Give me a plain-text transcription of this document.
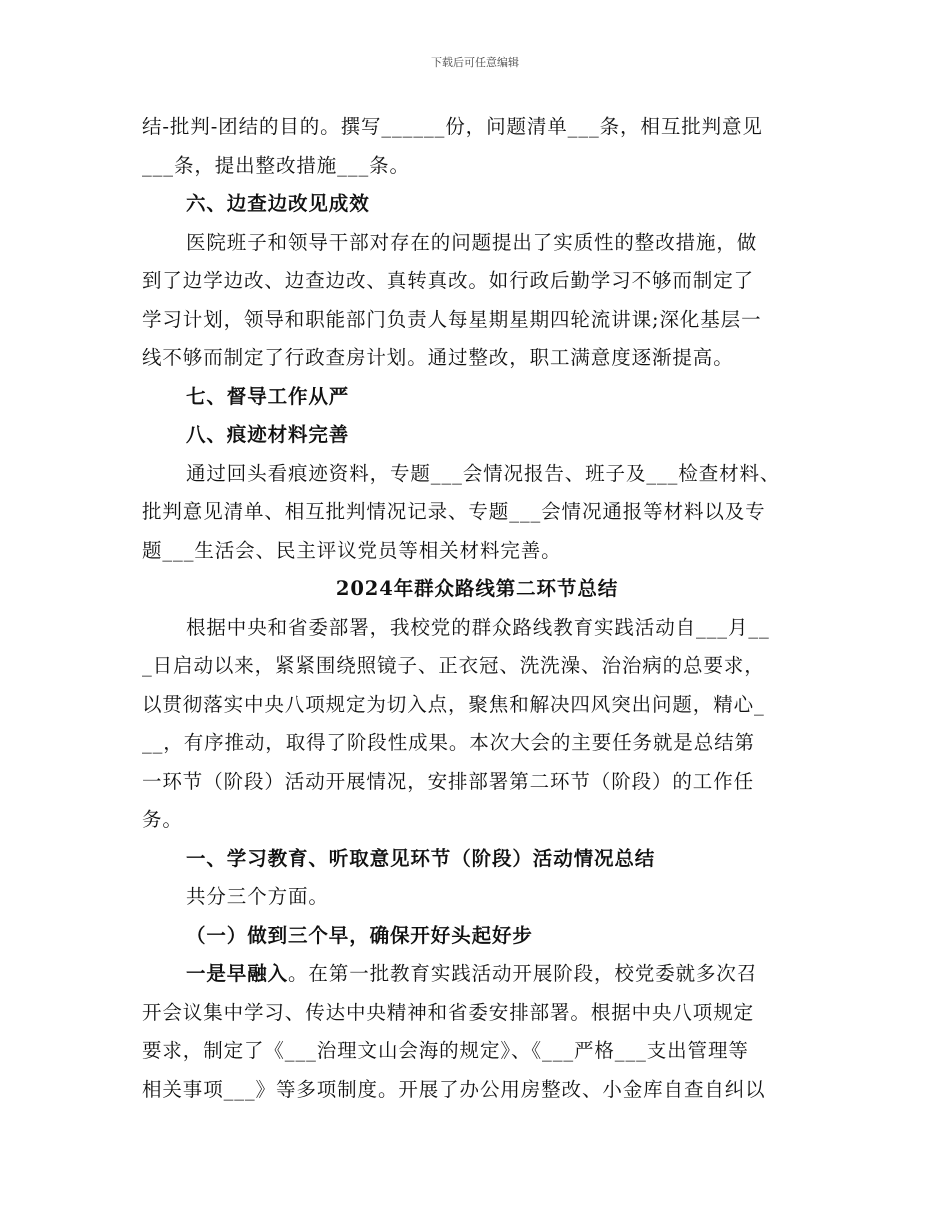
下载后可任意编辑
结-批判-团结的目的。撰写______份，问题清单___条，相互批判意见
___条，提出整改措施___条。
六、边查边改见成效
医院班子和领导干部对存在的问题提出了实质性的整改措施，做
到了边学边改、边查边改、真转真改。如行政后勤学习不够而制定了
学习计划，领导和职能部门负责人每星期星期四轮流讲课;深化基层一
线不够而制定了行政查房计划。通过整改，职工满意度逐渐提高。
七、督导工作从严
八、痕迹材料完善
通过回头看痕迹资料，专题___会情况报告、班子及___检查材料、
批判意见清单、相互批判情况记录、专题___会情况通报等材料以及专
题___生活会、民主评议党员等相关材料完善。
2024年群众路线第二环节总结
根据中央和省委部署，我校党的群众路线教育实践活动自___月__
_日启动以来，紧紧围绕照镜子、正衣冠、洗洗澡、治治病的总要求，
以贯彻落实中央八项规定为切入点，聚焦和解决四风突出问题，精心_
__，有序推动，取得了阶段性成果。本次大会的主要任务就是总结第
一环节（阶段）活动开展情况，安排部署第二环节（阶段）的工作任
务。
一、学习教育、听取意见环节（阶段）活动情况总结
共分三个方面。
（一）做到三个早，确保开好头起好步
一是早融入。在第一批教育实践活动开展阶段，校党委就多次召
开会议集中学习、传达中央精神和省委安排部署。根据中央八项规定
要求，制定了《___治理文山会海的规定》、《___严格___支出管理等
相关事项___》等多项制度。开展了办公用房整改、小金库自查自纠以
